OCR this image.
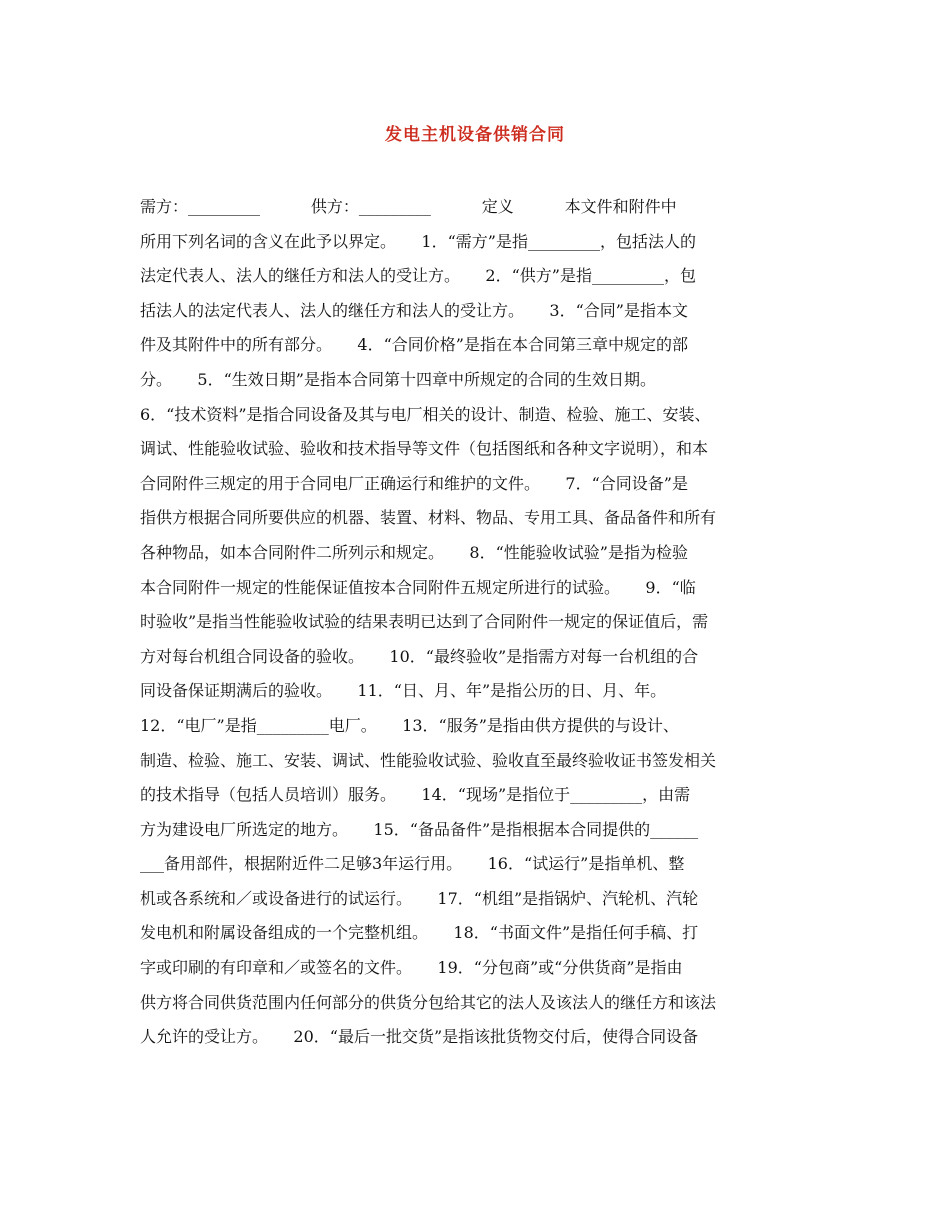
发电主机设备供销合同
需方：_________          供方：_________          定义          本文件和附件中
所用下列名词的含义在此予以界定。     1．“需方”是指_________，包括法人的
法定代表人、法人的继任方和法人的受让方。     2．“供方”是指_________，包
括法人的法定代表人、法人的继任方和法人的受让方。     3．“合同”是指本文
件及其附件中的所有部分。     4．“合同价格”是指在本合同第三章中规定的部
分。     5．“生效日期”是指本合同第十四章中所规定的合同的生效日期。
6．“技术资料”是指合同设备及其与电厂相关的设计、制造、检验、施工、安装、
调试、性能验收试验、验收和技术指导等文件（包括图纸和各种文字说明），和本
合同附件三规定的用于合同电厂正确运行和维护的文件。     7．“合同设备”是
指供方根据合同所要供应的机器、装置、材料、物品、专用工具、备品备件和所有
各种物品，如本合同附件二所列示和规定。     8．“性能验收试验”是指为检验
本合同附件一规定的性能保证值按本合同附件五规定所进行的试验。     9．“临
时验收”是指当性能验收试验的结果表明已达到了合同附件一规定的保证值后，需
方对每台机组合同设备的验收。     10．“最终验收”是指需方对每一台机组的合
同设备保证期满后的验收。     11．“日、月、年”是指公历的日、月、年。
12．“电厂”是指_________电厂。     13．“服务”是指由供方提供的与设计、
制造、检验、施工、安装、调试、性能验收试验、验收直至最终验收证书签发相关
的技术指导（包括人员培训）服务。     14．“现场”是指位于_________，由需
方为建设电厂所选定的地方。     15．“备品备件”是指根据本合同提供的______
___备用部件，根据附近件二足够3年运行用。     16．“试运行”是指单机、整
机或各系统和／或设备进行的试运行。     17．“机组”是指锅炉、汽轮机、汽轮
发电机和附属设备组成的一个完整机组。     18．“书面文件”是指任何手稿、打
字或印刷的有印章和／或签名的文件。     19．“分包商”或“分供货商”是指由
供方将合同供货范围内任何部分的供货分包给其它的法人及该法人的继任方和该法
人允许的受让方。     20．“最后一批交货”是指该批货物交付后，使得合同设备
